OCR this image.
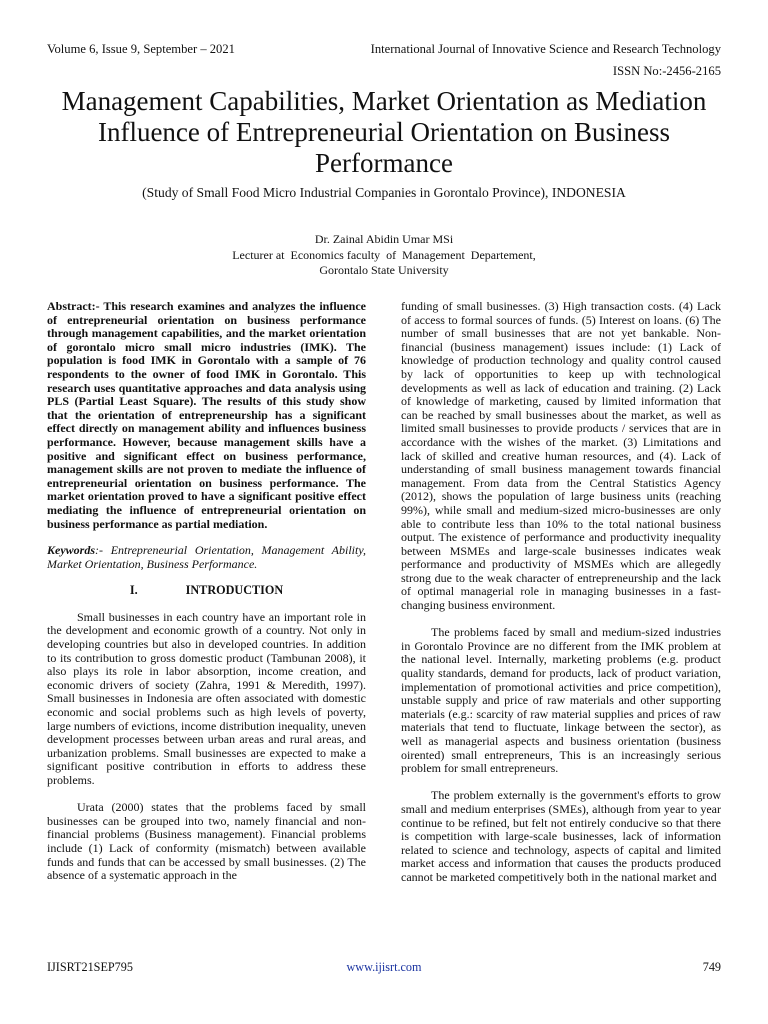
Volume 6, Issue 9, September – 2021	International Journal of Innovative Science and Research Technology
ISSN No:-2456-2165
Management Capabilities, Market Orientation as Mediation Influence of Entrepreneurial Orientation on Business Performance
(Study of Small Food Micro Industrial Companies in Gorontalo Province), INDONESIA
Dr. Zainal Abidin Umar MSi
Lecturer at  Economics faculty  of  Management  Departement,
Gorontalo State University

Abstract:- This research examines and analyzes the influence of entrepreneurial orientation on business performance through management capabilities, and the market orientation of gorontalo micro small micro industries (IMK). The population is food IMK in Gorontalo with a sample of 76 respondents to the owner of food IMK in Gorontalo. This research uses quantitative approaches and data analysis using PLS (Partial Least Square). The results of this study show that the orientation of entrepreneurship has a significant effect directly on management ability and influences business performance. However, because management skills have a positive and significant effect on business performance, management skills are not proven to mediate the influence of entrepreneurial orientation on business performance. The market orientation proved to have a significant positive effect mediating the influence of entrepreneurial orientation on business performance as partial mediation.

Keywords:- Entrepreneurial Orientation, Management Ability, Market Orientation, Business Performance.

I.	INTRODUCTION

Small businesses in each country have an important role in the development and economic growth of a country. Not only in developing countries but also in developed countries. In addition to its contribution to gross domestic product (Tambunan 2008), it also plays its role in labor absorption, income creation, and economic drivers of society (Zahra, 1991 & Meredith, 1997). Small businesses in Indonesia are often associated with domestic economic and social problems such as high levels of poverty, large numbers of evictions, income distribution inequality, uneven development processes between urban areas and rural areas, and urbanization problems. Small businesses are expected to make a significant positive contribution in efforts to address these problems.

Urata (2000) states that the problems faced by small businesses can be grouped into two, namely financial and non-financial problems (Business management). Financial problems include (1) Lack of conformity (mismatch) between available funds and funds that can be accessed by small businesses. (2) The absence of a systematic approach in the

funding of small businesses. (3) High transaction costs. (4) Lack of access to formal sources of funds. (5) Interest on loans. (6) The number of small businesses that are not yet bankable. Non-financial (business management) issues include: (1) Lack of knowledge of production technology and quality control caused by lack of opportunities to keep up with technological developments as well as lack of education and training. (2) Lack of knowledge of marketing, caused by limited information that can be reached by small businesses about the market, as well as limited small businesses to provide products / services that are in accordance with the wishes of the market. (3) Limitations and lack of skilled and creative human resources, and (4). Lack of understanding of small business management towards financial management. From data from the Central Statistics Agency (2012), shows the population of large business units (reaching 99%), while small and medium-sized micro-businesses are only able to contribute less than 10% to the total national business output. The existence of performance and productivity inequality between MSMEs and large-scale businesses indicates weak performance and productivity of MSMEs which are allegedly strong due to the weak character of entrepreneurship and the lack of optimal managerial role in managing businesses in a fast-changing business environment.

The problems faced by small and medium-sized industries in Gorontalo Province are no different from the IMK problem at the national level. Internally, marketing problems (e.g. product quality standards, demand for products, lack of product variation, implementation of promotional activities and price competition), unstable supply and price of raw materials and other supporting materials (e.g.: scarcity of raw material supplies and prices of raw materials that tend to fluctuate, linkage between the sector), as well as managerial aspects and business orientation (business oirented) small entrepreneurs, This is an increasingly serious problem for small entrepreneurs.

The problem externally is the government's efforts to grow small and medium enterprises (SMEs), although from year to year continue to be refined, but felt not entirely conducive so that there is competition with large-scale businesses, lack of information related to science and technology, aspects of capital and limited market access and information that causes the products produced cannot be marketed competitively both in the national market and

IJISRT21SEP795	www.ijisrt.com	749
